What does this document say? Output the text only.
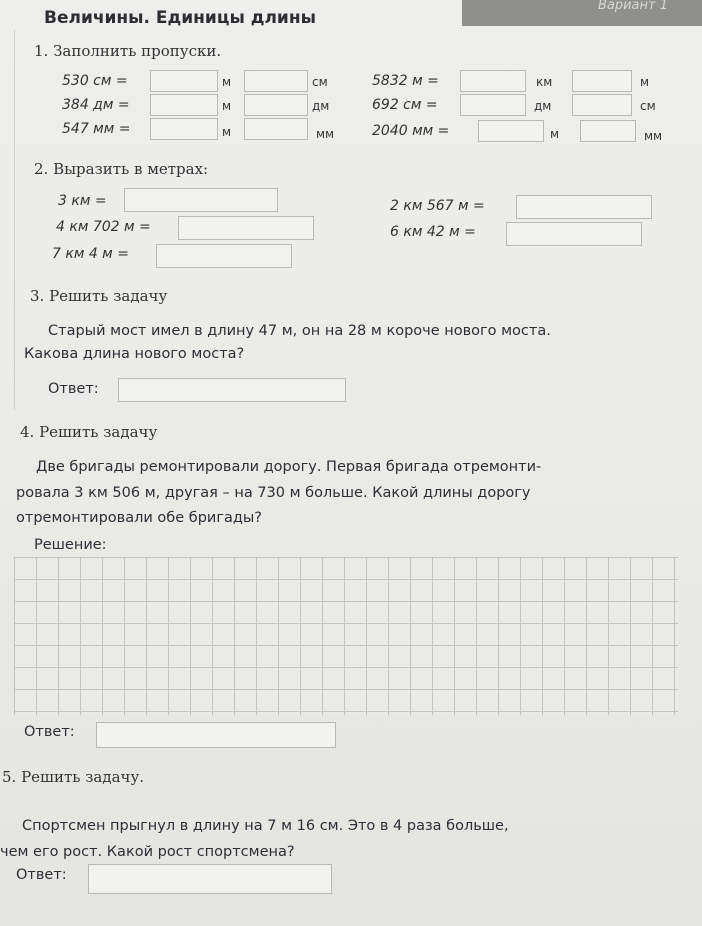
Вариант 1
Величины. Единицы длины
1. Заполнить пропуски.
530 см =	м	см	5832 м =	км	м
384 дм =	м	дм	692 см =	дм	см
547 мм =	м	мм	2040 мм =	м	мм
2. Выразить в метрах:
3 км =
4 км 702 м =
7 км 4 м =
2 км 567 м =
6 км 42 м =
3. Решить задачу
Старый мост имел в длину 47 м, он на 28 м короче нового моста.
Какова длина нового моста?
Ответ:
4. Решить задачу
Две бригады ремонтировали дорогу. Первая бригада отремонти-
ровала 3 км 506 м, другая – на 730 м больше. Какой длины дорогу
отремонтировали обе бригады?
Решение:
Ответ:
5. Решить задачу.
Спортсмен прыгнул в длину на 7 м 16 см. Это в 4 раза больше,
чем его рост. Какой рост спортсмена?
Ответ:
